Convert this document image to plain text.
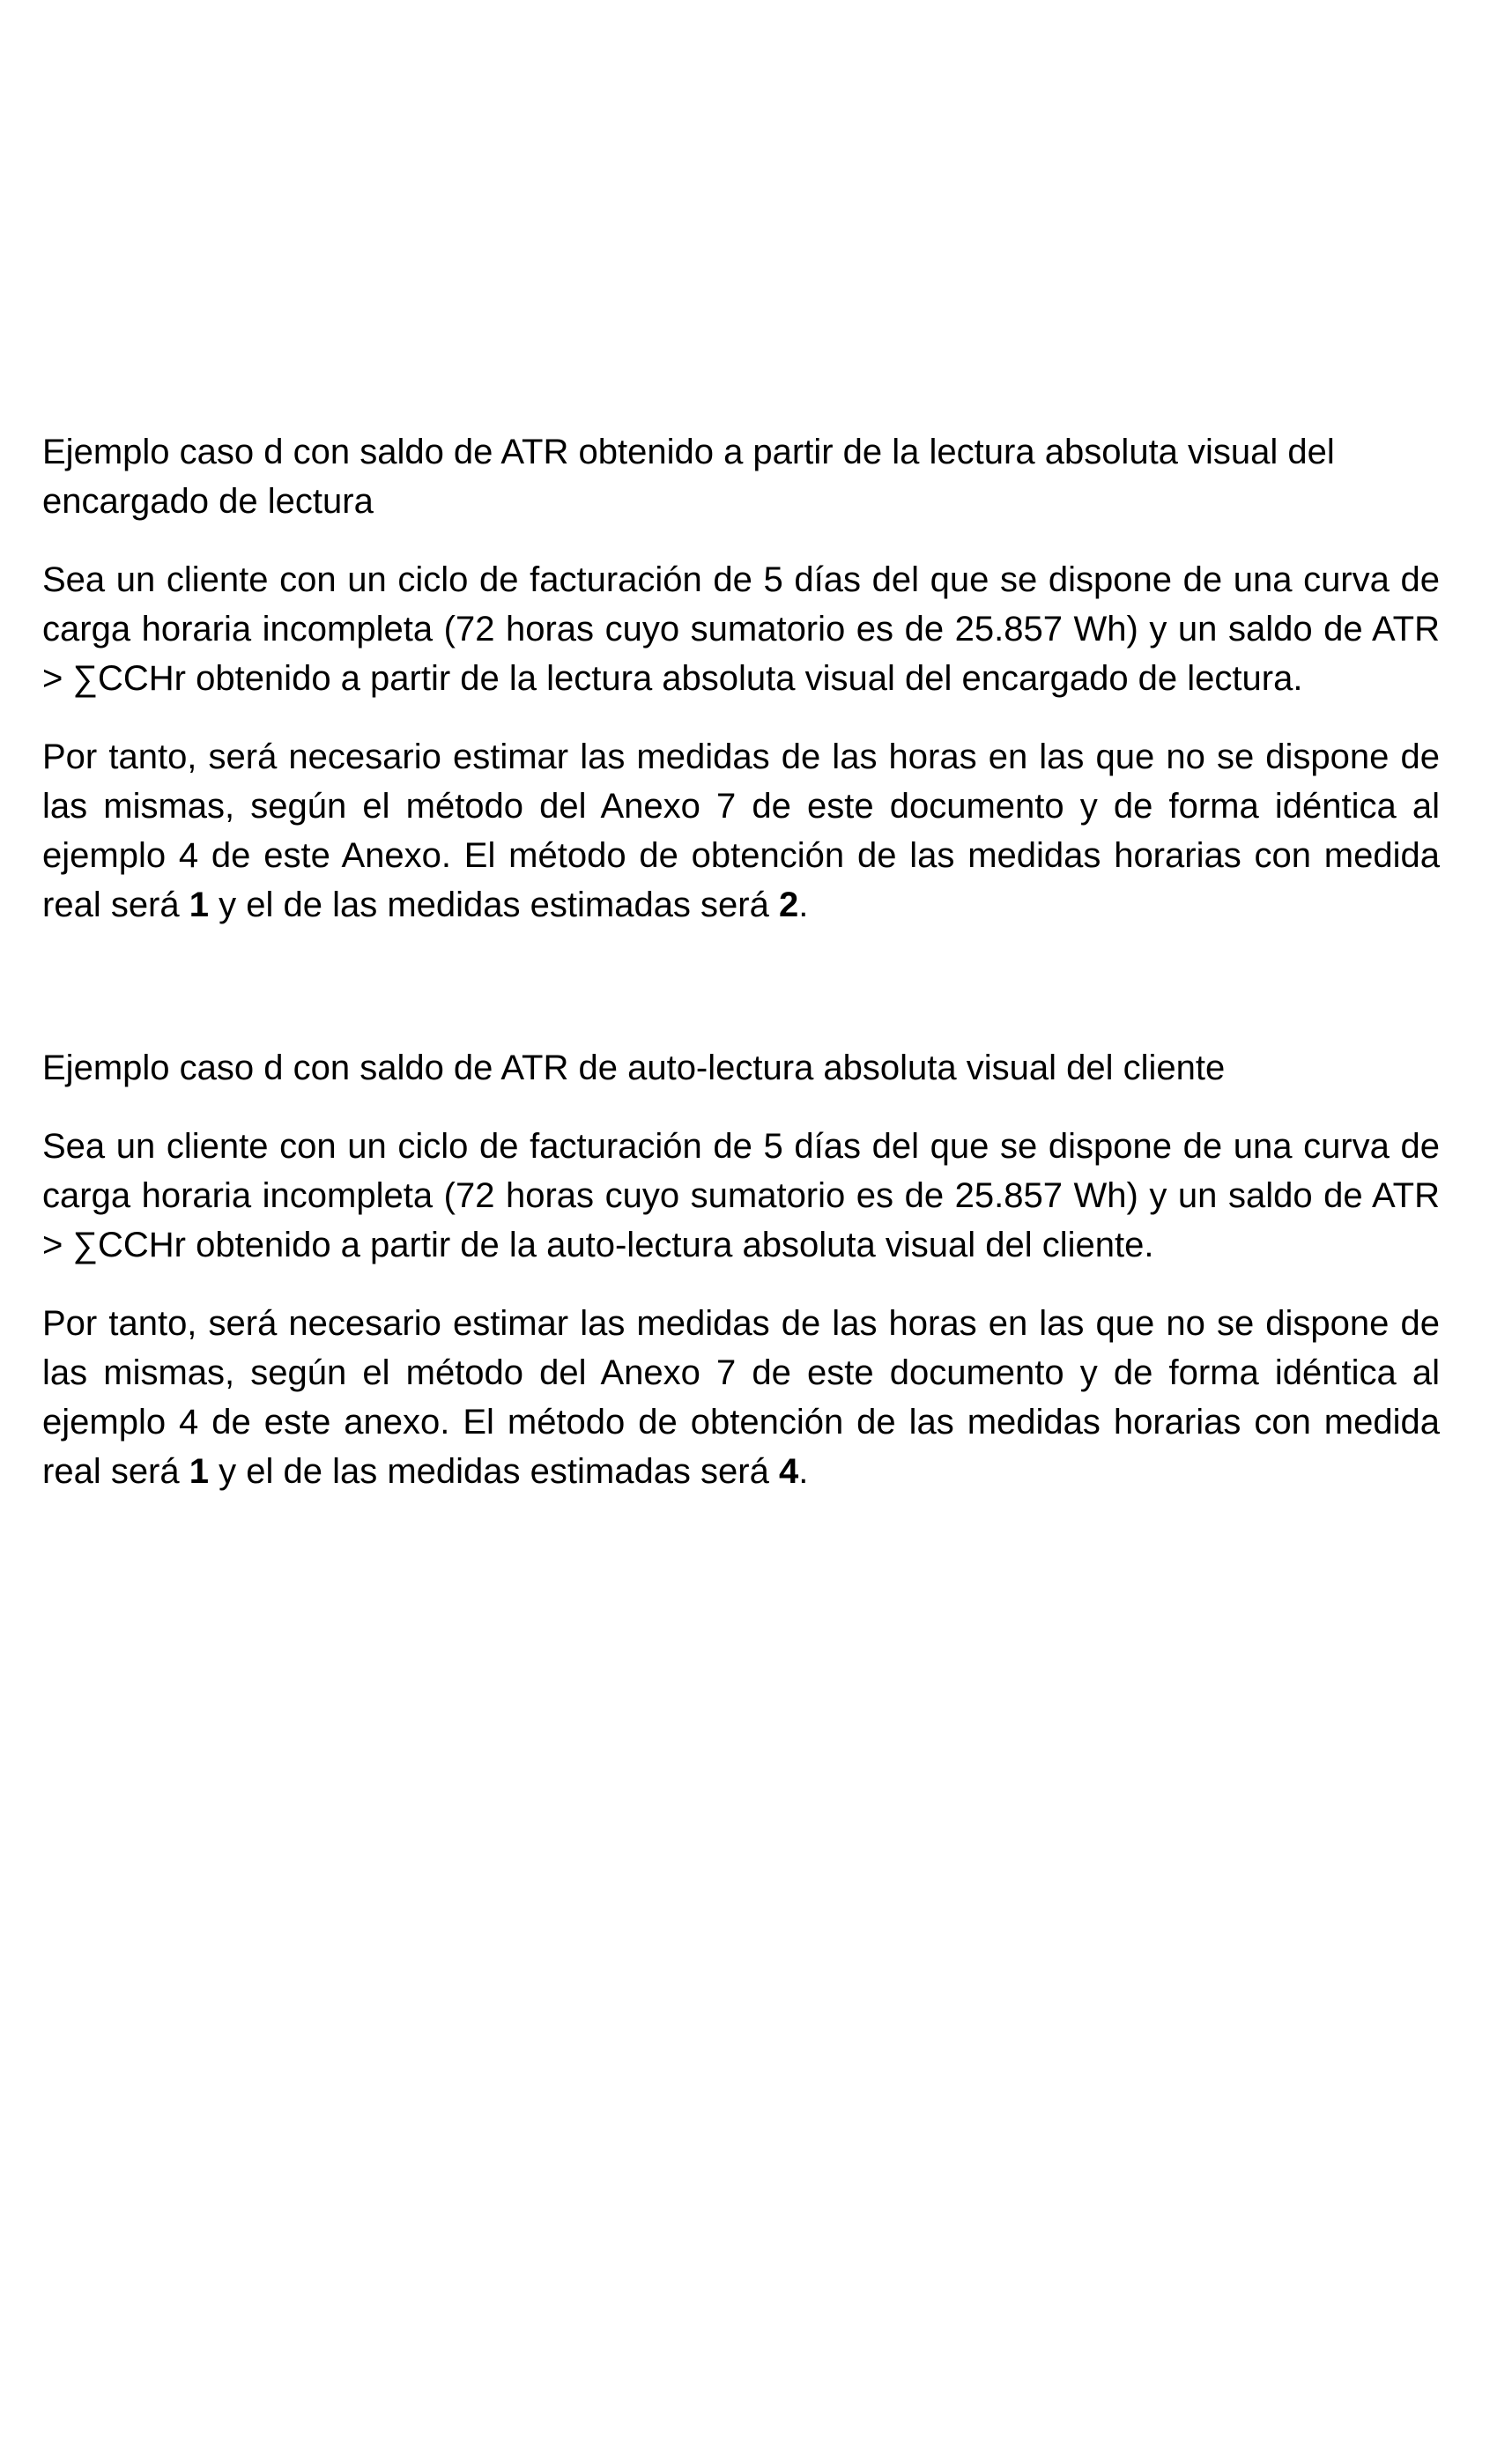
Ejemplo caso d con saldo de ATR obtenido a partir de la lectura absoluta visual del encargado de lectura

Sea un cliente con un ciclo de facturación de 5 días del que se dispone de una curva de carga horaria incompleta (72 horas cuyo sumatorio es de 25.857 Wh) y un saldo de ATR > ∑CCHr obtenido a partir de la lectura absoluta visual del encargado de lectura.

Por tanto, será necesario estimar las medidas de las horas en las que no se dispone de las mismas, según el método del Anexo 7 de este documento y de forma idéntica al ejemplo 4 de este Anexo. El método de obtención de las medidas horarias con medida real será 1 y el de las medidas estimadas será 2.

Ejemplo caso d con saldo de ATR de auto-lectura absoluta visual del cliente

Sea un cliente con un ciclo de facturación de 5 días del que se dispone de una curva de carga horaria incompleta (72 horas cuyo sumatorio es de 25.857 Wh) y un saldo de ATR > ∑CCHr obtenido a partir de la auto-lectura absoluta visual del cliente.

Por tanto, será necesario estimar las medidas de las horas en las que no se dispone de las mismas, según el método del Anexo 7 de este documento y de forma idéntica al ejemplo 4 de este anexo. El método de obtención de las medidas horarias con medida real será 1 y el de las medidas estimadas será 4.
